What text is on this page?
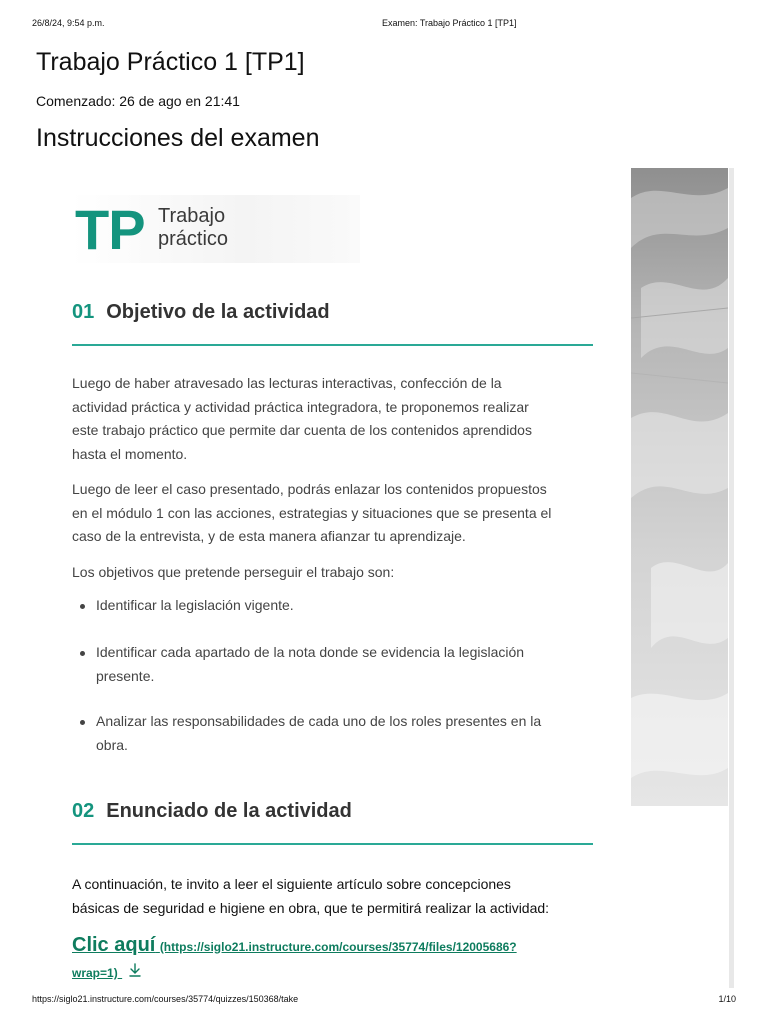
26/8/24, 9:54 p.m.	Examen: Trabajo Práctico 1 [TP1]
Trabajo Práctico 1 [TP1]
Comenzado: 26 de ago en 21:41
Instrucciones del examen
TP Trabajo
práctico
01 Objetivo de la actividad

Luego de haber atravesado las lecturas interactivas, confección de la
actividad práctica y actividad práctica integradora, te proponemos realizar
este trabajo práctico que permite dar cuenta de los contenidos aprendidos
hasta el momento.

Luego de leer el caso presentado, podrás enlazar los contenidos propuestos
en el módulo 1 con las acciones, estrategias y situaciones que se presenta el
caso de la entrevista, y de esta manera afianzar tu aprendizaje.

Los objetivos que pretende perseguir el trabajo son:

Identificar la legislación vigente.
Identificar cada apartado de la nota donde se evidencia la legislación
presente.
Analizar las responsabilidades de cada uno de los roles presentes en la
obra.
02 Enunciado de la actividad

A continuación, te invito a leer el siguiente artículo sobre concepciones
básicas de seguridad e higiene en obra, que te permitirá realizar la actividad:

Clic aquí (https://siglo21.instructure.com/courses/35774/files/12005686?
wrap=1)
https://siglo21.instructure.com/courses/35774/quizzes/150368/take	1/10
